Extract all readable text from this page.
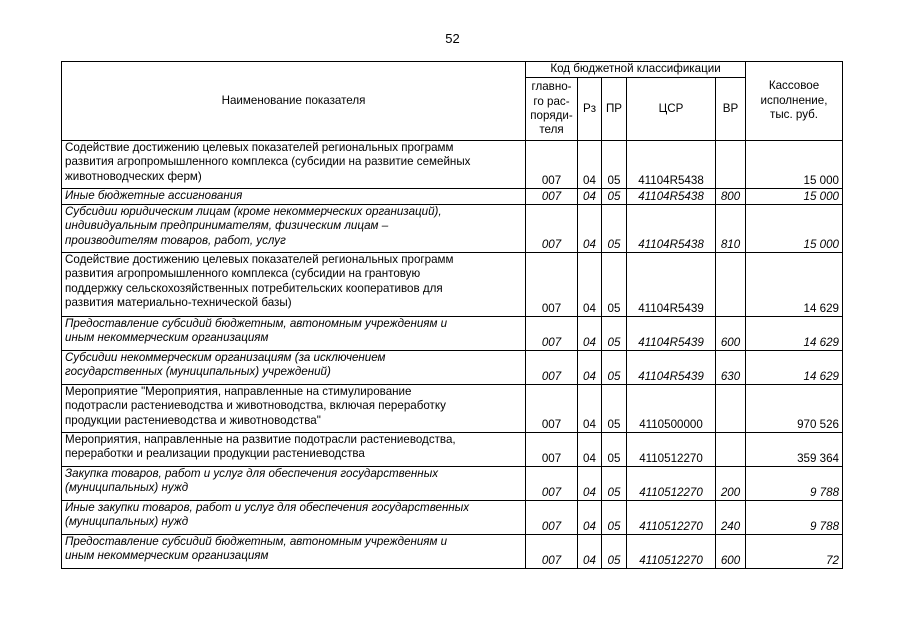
52
Наименование показателя	Код бюджетной классификации					Кассовое
исполнение,
тыс. руб.

	главно-
го рас-
поряди-
теля	Рз	ПР	ЦСР	ВР	

Содействие достижению целевых показателей региональных программ
развития агропромышленного комплекса (субсидии на развитие семейных
животноводческих ферм)	007	04	05	41104R5438		15 000

Иные бюджетные ассигнования	007	04	05	41104R5438	800	15 000

Субсидии юридическим лицам (кроме некоммерческих организаций),
индивидуальным предпринимателям, физическим лицам –
производителям товаров, работ, услуг	007	04	05	41104R5438	810	15 000

Содействие достижению целевых показателей региональных программ
развития агропромышленного комплекса (субсидии на грантовую
поддержку сельскохозяйственных потребительских кооперативов для
развития материально-технической базы)	007	04	05	41104R5439		14 629

Предоставление субсидий бюджетным, автономным учреждениям и
иным некоммерческим организациям	007	04	05	41104R5439	600	14 629

Субсидии некоммерческим организациям (за исключением
государственных (муниципальных) учреждений)	007	04	05	41104R5439	630	14 629

Мероприятие "Мероприятия, направленные на стимулирование
подотрасли растениеводства и животноводства, включая переработку
продукции растениеводства и животноводства"	007	04	05	4110500000		970 526

Мероприятия, направленные на развитие подотрасли растениеводства,
переработки и реализации продукции растениеводства	007	04	05	4110512270		359 364

Закупка товаров, работ и услуг для обеспечения государственных
(муниципальных) нужд	007	04	05	4110512270	200	9 788

Иные закупки товаров, работ и услуг для обеспечения государственных
(муниципальных) нужд	007	04	05	4110512270	240	9 788

Предоставление субсидий бюджетным, автономным учреждениям и
иным некоммерческим организациям	007	04	05	4110512270	600	72
